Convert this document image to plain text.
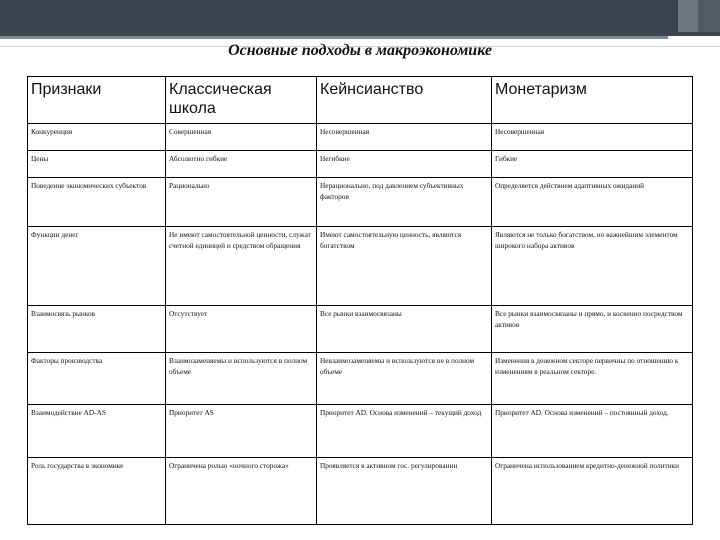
Основные подходы в макроэкономике
Признаки	Классическая школа	Кейнсианство	Монетаризм
Конкуренция	Совершенная	Несовершенная	Несовершенная
Цены	Абсолютно гибкие	Негибкие	Гибкие
Поведение экономических субъектов	Рационально	Нерационально, под давлением субъективных факторов	Определяется действием адаптивных ожиданий
Функции денег	Не имеют самостоятельной ценности, служат счетной единицей и средством обращения	Имеют самостоятельную ценность, являются богатством	Являются не только богатством, но важнейшим элементом широкого набора активов
Взаимосвязь рынков	Отсутствует	Все рынки взаимосвязаны	Все рынки взаимосвязаны и прямо, и косвенно посредством активов
Факторы производства	Взаимозаменяемы и используются в полном объеме	Невзаимозаменяемы и используются не в полном объеме	Изменения в денежном секторе первичны по отношению к изменениям в реальном секторе.
Взаимодействие AD-AS	Приоритет AS	Приоритет AD. Основа изменений – текущий доход	Приоритет AD. Основа изменений – постоянный доход.
Роль государства в экономике	Ограничена ролью «ночного сторожа»	Проявляется в активном гос. регулировании	Ограничена использованием кредитно-денежной политики
